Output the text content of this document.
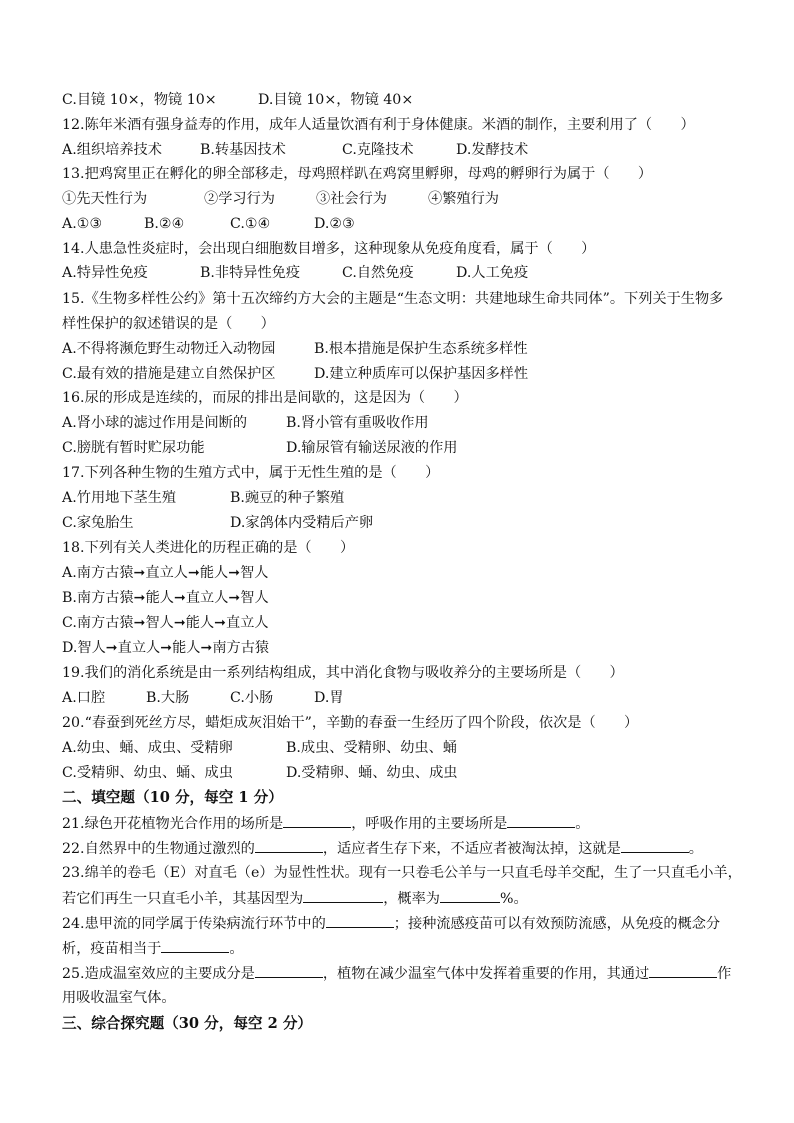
C.目镜 10×，物镜 10×	D.目镜 10×，物镜 40×
12.陈年米酒有强身益寿的作用，成年人适量饮酒有利于身体健康。米酒的制作，主要利用了（　　）
A.组织培养技术	B.转基因技术	C.克隆技术	D.发酵技术
13.把鸡窝里正在孵化的卵全部移走，母鸡照样趴在鸡窝里孵卵，母鸡的孵卵行为属于（　　）
①先天性行为	②学习行为	③社会行为	④繁殖行为
A.①③	B.②④	C.①④	D.②③
14.人患急性炎症时，会出现白细胞数目增多，这种现象从免疫角度看，属于（　　）
A.特异性免疫	B.非特异性免疫	C.自然免疫	D.人工免疫
15.《生物多样性公约》第十五次缔约方大会的主题是“生态文明：共建地球生命共同体”。下列关于生物多
样性保护的叙述错误的是（　　）
A.不得将濒危野生动物迁入动物园	B.根本措施是保护生态系统多样性
C.最有效的措施是建立自然保护区	D.建立种质库可以保护基因多样性
16.尿的形成是连续的，而尿的排出是间歇的，这是因为（　　）
A.肾小球的滤过作用是间断的	B.肾小管有重吸收作用
C.膀胱有暂时贮尿功能	D.输尿管有输送尿液的作用
17.下列各种生物的生殖方式中，属于无性生殖的是（　　）
A.竹用地下茎生殖	B.豌豆的种子繁殖
C.家兔胎生	D.家鸽体内受精后产卵
18.下列有关人类进化的历程正确的是（　　）
A.南方古猿➞直立人➞能人➞智人
B.南方古猿➞能人➞直立人➞智人
C.南方古猿➞智人➞能人➞直立人
D.智人➞直立人➞能人➞南方古猿
19.我们的消化系统是由一系列结构组成，其中消化食物与吸收养分的主要场所是（　　）
A.口腔	B.大肠	C.小肠	D.胃
20.“春蚕到死丝方尽，蜡炬成灰泪始干”，辛勤的春蚕一生经历了四个阶段，依次是（　　）
A.幼虫、蛹、成虫、受精卵	B.成虫、受精卵、幼虫、蛹
C.受精卵、幼虫、蛹、成虫	D.受精卵、蛹、幼虫、成虫
二、填空题（10 分，每空 1 分）
21.绿色开花植物光合作用的场所是	，呼吸作用的主要场所是	。
22.自然界中的生物通过激烈的	，适应者生存下来，不适应者被淘汰掉，这就是	。
23.绵羊的卷毛（E）对直毛（e）为显性性状。现有一只卷毛公羊与一只直毛母羊交配，生了一只直毛小羊，
若它们再生一只直毛小羊，其基因型为	，概率为	%。
24.患甲流的同学属于传染病流行环节中的	；接种流感疫苗可以有效预防流感，从免疫的概念分
析，疫苗相当于	。
25.造成温室效应的主要成分是	，植物在减少温室气体中发挥着重要的作用，其通过	作
用吸收温室气体。
三、综合探究题（30 分，每空 2 分）
